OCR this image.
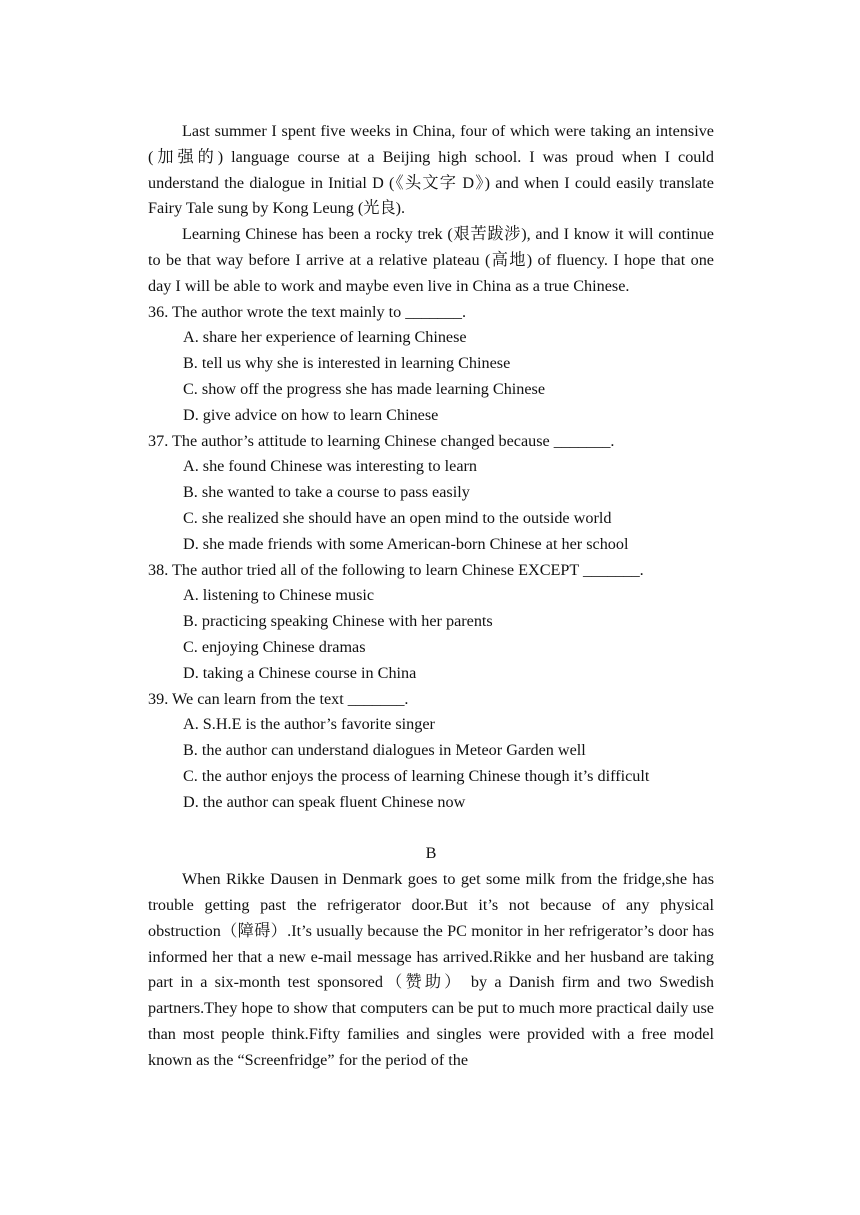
Last summer I spent five weeks in China, four of which were taking an intensive (加强的) language course at a Beijing high school. I was proud when I could understand the dialogue in Initial D (《头文字 D》) and when I could easily translate Fairy Tale sung by Kong Leung (光良).

Learning Chinese has been a rocky trek (艰苦跋涉), and I know it will continue to be that way before I arrive at a relative plateau (高地) of fluency. I hope that one day I will be able to work and maybe even live in China as a true Chinese.

36. The author wrote the text mainly to _______.

A. share her experience of learning Chinese

B. tell us why she is interested in learning Chinese

C. show off the progress she has made learning Chinese

D. give advice on how to learn Chinese

37. The author’s attitude to learning Chinese changed because _______.

A. she found Chinese was interesting to learn

B. she wanted to take a course to pass easily

C. she realized she should have an open mind to the outside world

D. she made friends with some American-born Chinese at her school

38. The author tried all of the following to learn Chinese EXCEPT _______.

A. listening to Chinese music

B. practicing speaking Chinese with her parents

C. enjoying Chinese dramas

D. taking a Chinese course in China

39. We can learn from the text _______.

A. S.H.E is the author’s favorite singer

B. the author can understand dialogues in Meteor Garden well

C. the author enjoys the process of learning Chinese though it’s difficult

D. the author can speak fluent Chinese now

B

When Rikke Dausen in Denmark goes to get some milk from the fridge,she has trouble getting past the refrigerator door.But it’s not because of any physical obstruction（障碍）.It’s usually because the PC monitor in her refrigerator’s door has informed her that a new e-mail message has arrived.Rikke and her husband are taking part in a six-month test sponsored（赞助） by a Danish firm and two Swedish partners.They hope to show that computers can be put to much more practical daily use than most people think.Fifty families and singles were provided with a free model known as the “Screenfridge” for the period of the
